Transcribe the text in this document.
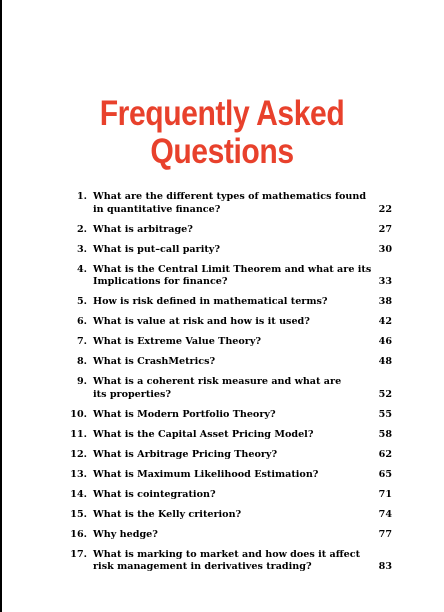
Frequently Asked
Questions
1. What are the different types of mathematics found
in quantitative finance?	22
2. What is arbitrage?	27
3. What is put–call parity?	30
4. What is the Central Limit Theorem and what are its
Implications for finance?	33
5. How is risk defined in mathematical terms?	38
6. What is value at risk and how is it used?	42
7. What is Extreme Value Theory?	46
8. What is CrashMetrics?	48
9. What is a coherent risk measure and what are
its properties?	52
10. What is Modern Portfolio Theory?	55
11. What is the Capital Asset Pricing Model?	58
12. What is Arbitrage Pricing Theory?	62
13. What is Maximum Likelihood Estimation?	65
14. What is cointegration?	71
15. What is the Kelly criterion?	74
16. Why hedge?	77
17. What is marking to market and how does it affect
risk management in derivatives trading?	83
